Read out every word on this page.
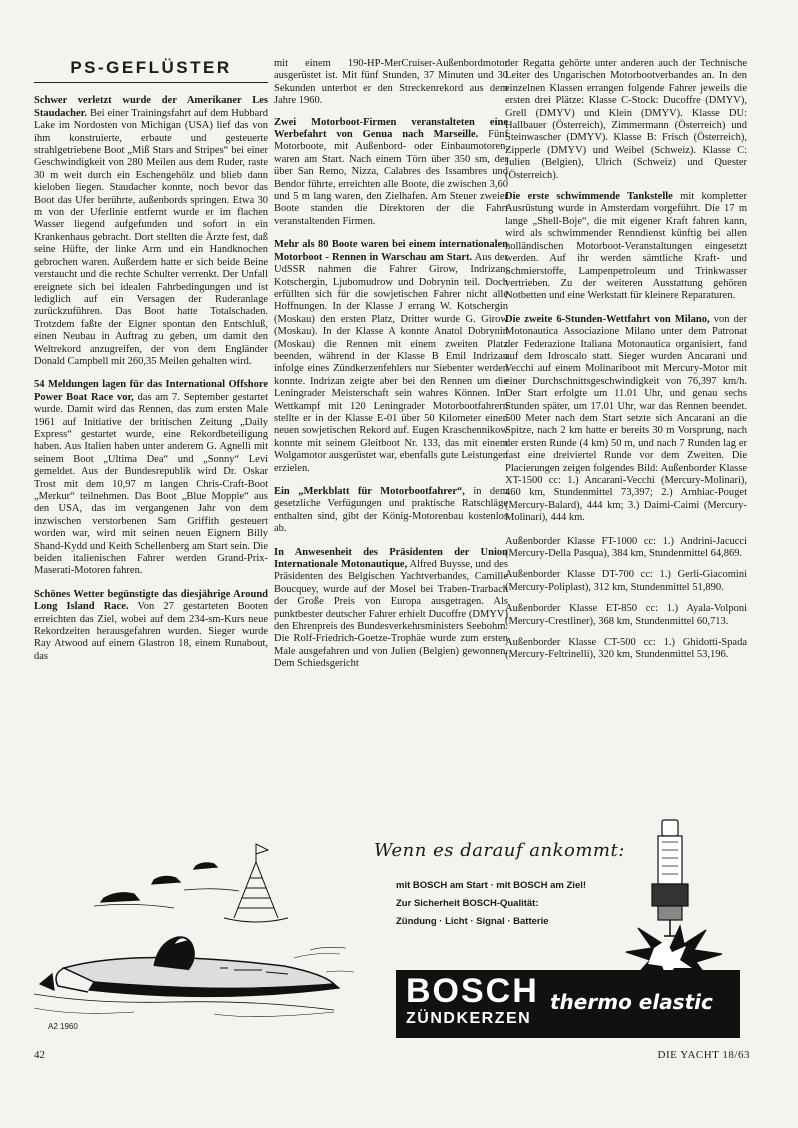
PS-GEFLÜSTER

Schwer verletzt wurde der Amerikaner Les Staudacher. Bei einer Trainingsfahrt auf dem Hubbard Lake im Nordosten von Michigan (USA) lief das von ihm konstruierte, erbaute und gesteuerte strahlgetriebene Boot „Miß Stars and Stripes“ bei einer Geschwindigkeit von 280 Meilen aus dem Ruder, raste 30 m weit durch ein Eschengehölz und blieb dann kieloben liegen. Staudacher konnte, noch bevor das Boot das Ufer berührte, außenbords springen. Etwa 30 m von der Uferlinie entfernt wurde er im flachen Wasser liegend aufgefunden und sofort in ein Krankenhaus gebracht. Dort stellten die Ärzte fest, daß seine Hüfte, der linke Arm und ein Handknochen gebrochen waren. Außerdem hatte er sich beide Beine verstaucht und die rechte Schulter verrenkt. Der Unfall ereignete sich bei idealen Fahrbedingungen und ist lediglich auf ein Versagen der Ruderanlage zurückzuführen. Das Boot hatte Totalschaden. Trotzdem faßte der Eigner spontan den Entschluß, einen Neubau in Auftrag zu geben, um damit den Weltrekord anzugreifen, der von dem Engländer Donald Campbell mit 260,35 Meilen gehalten wird.

54 Meldungen lagen für das International Offshore Power Boat Race vor, das am 7. September gestartet wurde. Damit wird das Rennen, das zum ersten Male 1961 auf Initiative der britischen Zeitung „Daily Express“ gestartet wurde, eine Rekordbeteiligung haben. Aus Italien haben unter anderem G. Agnelli mit seinem Boot „Ultima Dea“ und „Sonny“ Levi gemeldet. Aus der Bundesrepublik wird Dr. Oskar Trost mit dem 10,97 m langen Chris-Craft-Boot „Merkur“ teilnehmen. Das Boot „Blue Moppie“ aus den USA, das im vergangenen Jahr von dem inzwischen verstorbenen Sam Griffith gesteuert worden war, wird mit seinen neuen Eignern Billy Shand-Kydd und Keith Schellenberg am Start sein. Die beiden italienischen Fahrer werden Grand-Prix-Maserati-Motoren fahren.

Schönes Wetter begünstigte das diesjährige Around Long Island Race. Von 27 gestarteten Booten erreichten das Ziel, wobei auf dem 234-sm-Kurs neue Rekordzeiten herausgefahren wurden. Sieger wurde Ray Atwood auf einem Glastron 18, einem Runabout, das

mit einem 190-HP-MerCruiser-Außenbordmotor ausgerüstet ist. Mit fünf Stunden, 37 Minuten und 30 Sekunden unterbot er den Streckenrekord aus dem Jahre 1960.

Zwei Motorboot-Firmen veranstalteten eine Werbefahrt von Genua nach Marseille. Fünf Motorboote, mit Außenbord- oder Einbaumotoren, waren am Start. Nach einem Törn über 350 sm, der über San Remo, Nizza, Calabres des Issambres und Bendor führte, erreichten alle Boote, die zwischen 3,60 und 5 m lang waren, den Zielhafen. Am Steuer zweier Boote standen die Direktoren der die Fahrt veranstaltenden Firmen.

Mehr als 80 Boote waren bei einem internationalen Motorboot - Rennen in Warschau am Start. Aus der UdSSR nahmen die Fahrer Girow, Indrizan, Kotschergin, Ljubomudrow und Dobrynin teil. Doch erfüllten sich für die sowjetischen Fahrer nicht alle Hoffnungen. In der Klasse J errang W. Kotschergin (Moskau) den ersten Platz, Dritter wurde G. Girow (Moskau). In der Klasse A konnte Anatol Dobrynin (Moskau) die Rennen mit einem zweiten Platz beenden, während in der Klasse B Emil Indrizan infolge eines Zündkerzenfehlers nur Siebenter werden konnte. Indrizan zeigte aber bei den Rennen um die Leningrader Meisterschaft sein wahres Können. Im Wettkampf mit 120 Leningrader Motorbootfahrern stellte er in der Klasse E-01 über 50 Kilometer einen neuen sowjetischen Rekord auf. Eugen Kraschennikow konnte mit seinem Gleitboot Nr. 133, das mit einem Wolgamotor ausgerüstet war, ebenfalls gute Leistungen erzielen.

Ein „Merkblatt für Motorbootfahrer“, in dem gesetzliche Verfügungen und praktische Ratschläge enthalten sind, gibt der König-Motorenbau kostenlos ab.

In Anwesenheit des Präsidenten der Union Internationale Motonautique, Alfred Buysse, und des Präsidenten des Belgischen Yachtverbandes, Camille Boucquey, wurde auf der Mosel bei Traben-Trarbach der Große Preis von Europa ausgetragen. Als punktbester deutscher Fahrer erhielt Ducoffre (DMYV) den Ehrenpreis des Bundesverkehrsministers Seebohm. Die Rolf-Friedrich-Goetze-Trophäe wurde zum ersten Male ausgefahren und von Julien (Belgien) gewonnen. Dem Schiedsgericht

der Regatta gehörte unter anderen auch der Technische Leiter des Ungarischen Motorbootverbandes an. In den einzelnen Klassen errangen folgende Fahrer jeweils die ersten drei Plätze: Klasse C-Stock: Ducoffre (DMYV), Grell (DMYV) und Klein (DMYV). Klasse DU: Hallbauer (Österreich), Zimmermann (Österreich) und Steinwascher (DMYV). Klasse B: Frisch (Österreich), Zipperle (DMYV) und Weibel (Schweiz). Klasse C: Julien (Belgien), Ulrich (Schweiz) und Quester (Österreich).

Die erste schwimmende Tankstelle mit kompletter Ausrüstung wurde in Amsterdam vorgeführt. Die 17 m lange „Shell-Boje“, die mit eigener Kraft fahren kann, wird als schwimmender Renndienst künftig bei allen holländischen Motorboot-Veranstaltungen eingesetzt werden. Auf ihr werden sämtliche Kraft- und Schmierstoffe, Lampenpetroleum und Trinkwasser vertrieben. Zu der weiteren Ausstattung gehören Notbetten und eine Werkstatt für kleinere Reparaturen.

Die zweite 6-Stunden-Wettfahrt von Milano, von der Motonautica Associazione Milano unter dem Patronat der Federazione Italiana Motonautica organisiert, fand auf dem Idroscalo statt. Sieger wurden Ancarani und Vecchi auf einem Molinariboot mit Mercury-Motor mit einer Durchschnittsgeschwindigkeit von 76,397 km/h. Der Start erfolgte um 11.01 Uhr, und genau sechs Stunden später, um 17.01 Uhr, war das Rennen beendet. 500 Meter nach dem Start setzte sich Ancarani an die Spitze, nach 2 km hatte er bereits 30 m Vorsprung, nach der ersten Runde (4 km) 50 m, und nach 7 Runden lag er fast eine dreiviertel Runde vor dem Zweiten. Die Placierungen zeigen folgendes Bild: Außenborder Klasse XT-1500 cc: 1.) Ancarani-Vecchi (Mercury-Molinari), 460 km, Stundenmittel 73,397; 2.) Arnhiac-Pouget (Mercury-Balard), 444 km; 3.) Daimi-Caimi (Mercury-Molinari), 444 km.

Außenborder Klasse FT-1000 cc: 1.) Andrini-Jacucci (Mercury-Della Pasqua), 384 km, Stundenmittel 64,869.

Außenborder Klasse DT-700 cc: 1.) Gerli-Giacomini (Mercury-Poliplast), 312 km, Stundenmittel 51,890.

Außenborder Klasse ET-850 cc: 1.) Ayala-Volponi (Mercury-Crestliner), 368 km, Stundenmittel 60,713.

Außenborder Klasse CT-500 cc: 1.) Ghidotti-Spada (Mercury-Feltrinelli), 320 km, Stundenmittel 53,196.

Wenn es darauf ankommt:
mit BOSCH am Start · mit BOSCH am Ziel!
Zur Sicherheit BOSCH-Qualität:
Zündung · Licht · Signal · Batterie
BOSCH
ZÜNDKERZEN
thermo elastic
A2 1960
42	DIE YACHT 18/63
